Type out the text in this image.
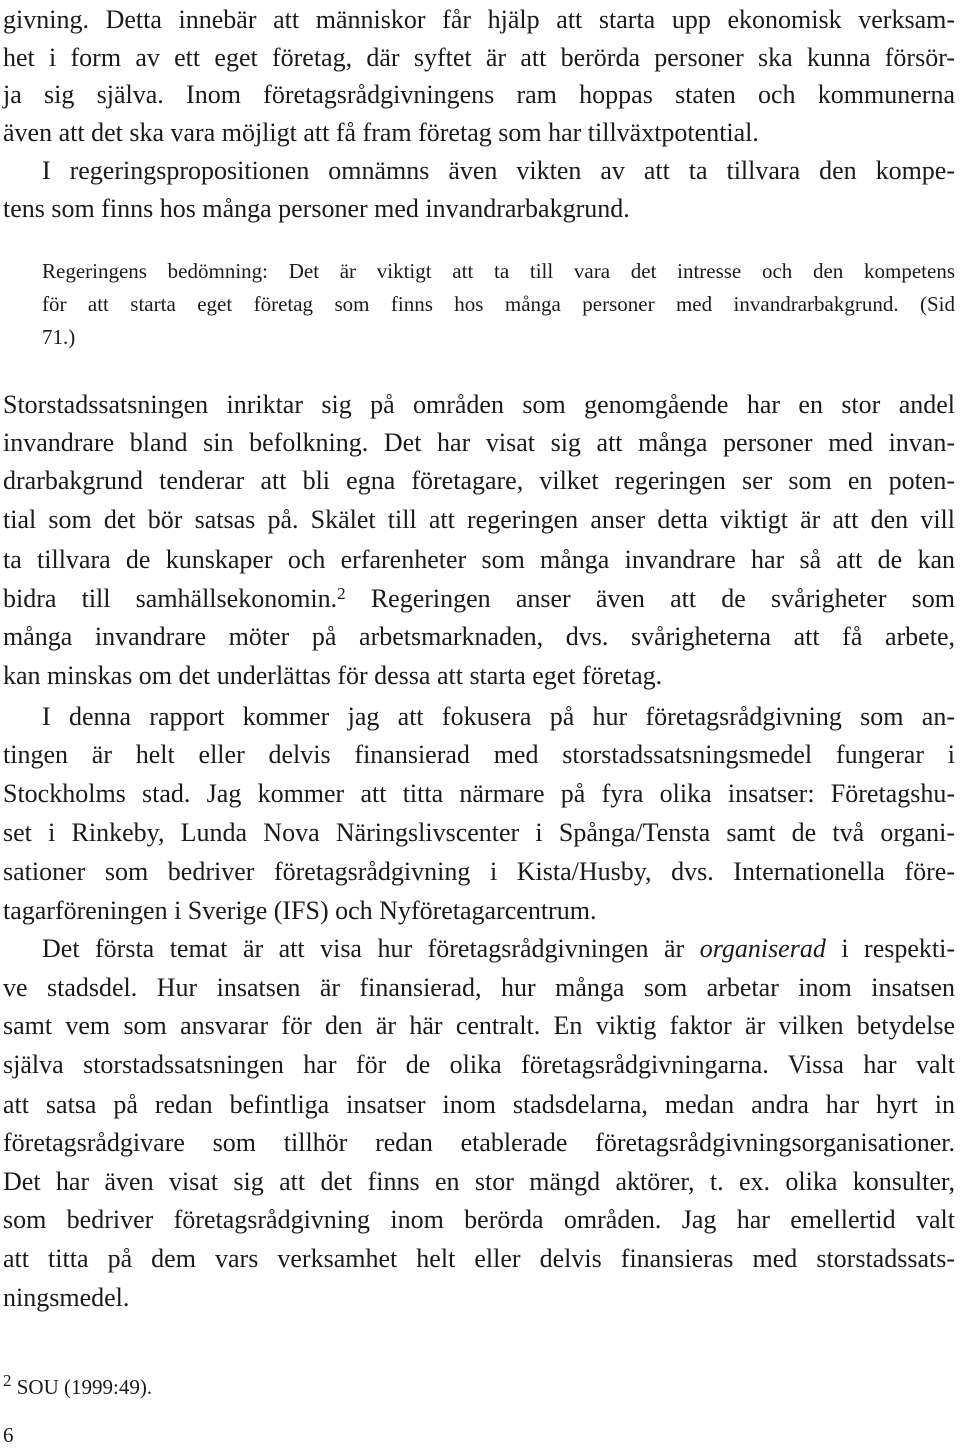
givning. Detta innebär att människor får hjälp att starta upp ekonomisk verksam-
het i form av ett eget företag, där syftet är att berörda personer ska kunna försör-
ja sig själva. Inom företagsrådgivningens ram hoppas staten och kommunerna
även att det ska vara möjligt att få fram företag som har tillväxtpotential.
I regeringspropositionen omnämns även vikten av att ta tillvara den kompe-
tens som finns hos många personer med invandrarbakgrund.
Regeringens bedömning: Det är viktigt att ta till vara det intresse och den kompetens
för att starta eget företag som finns hos många personer med invandrarbakgrund. (Sid
71.)
Storstadssatsningen inriktar sig på områden som genomgående har en stor andel
invandrare bland sin befolkning. Det har visat sig att många personer med invan-
drarbakgrund tenderar att bli egna företagare, vilket regeringen ser som en poten-
tial som det bör satsas på. Skälet till att regeringen anser detta viktigt är att den vill
ta tillvara de kunskaper och erfarenheter som många invandrare har så att de kan
bidra till samhällsekonomin.$^2$ Regeringen anser även att de svårigheter som
många invandrare möter på arbetsmarknaden, dvs. svårigheterna att få arbete,
kan minskas om det underlättas för dessa att starta eget företag.
I denna rapport kommer jag att fokusera på hur företagsrådgivning som an-
tingen är helt eller delvis finansierad med storstadssatsningsmedel fungerar i
Stockholms stad. Jag kommer att titta närmare på fyra olika insatser: Företagshu-
set i Rinkeby, Lunda Nova Näringslivscenter i Spånga/Tensta samt de två organi-
sationer som bedriver företagsrådgivning i Kista/Husby, dvs. Internationella före-
tagarföreningen i Sverige (IFS) och Nyföretagarcentrum.
Det första temat är att visa hur företagsrådgivningen är organiserad i respekti-
ve stadsdel. Hur insatsen är finansierad, hur många som arbetar inom insatsen
samt vem som ansvarar för den är här centralt. En viktig faktor är vilken betydelse
själva storstadssatsningen har för de olika företagsrådgivningarna. Vissa har valt
att satsa på redan befintliga insatser inom stadsdelarna, medan andra har hyrt in
företagsrådgivare som tillhör redan etablerade företagsrådgivningsorganisationer.
Det har även visat sig att det finns en stor mängd aktörer, t. ex. olika konsulter,
som bedriver företagsrådgivning inom berörda områden. Jag har emellertid valt
att titta på dem vars verksamhet helt eller delvis finansieras med storstadssats-
ningsmedel.
$^2$ SOU (1999:49).
6
